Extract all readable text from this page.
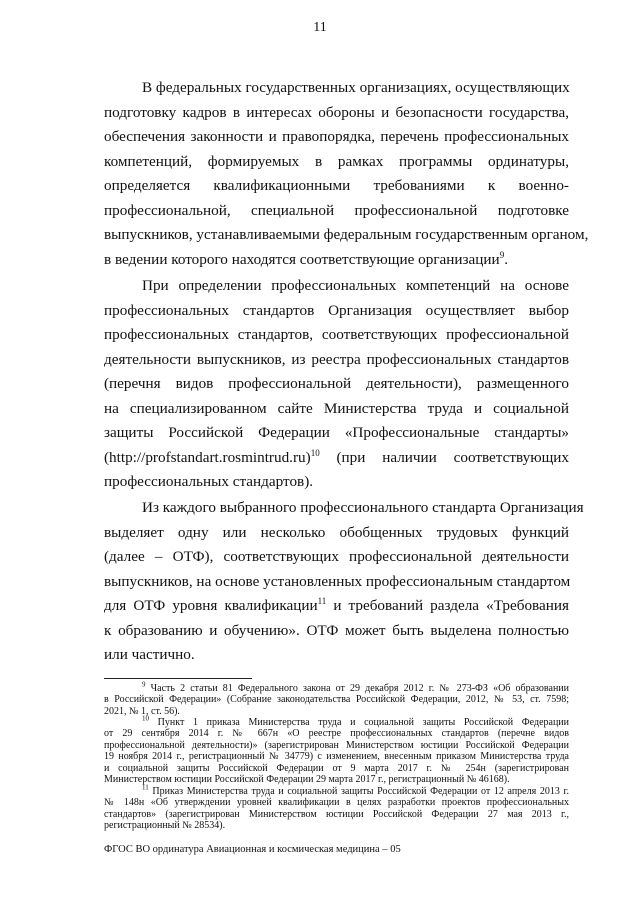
11
В федеральных государственных организациях, осуществляющих
подготовку кадров в интересах обороны и безопасности государства,
обеспечения законности и правопорядка, перечень профессиональных
компетенций, формируемых в рамках программы ординатуры,
определяется квалификационными требованиями к военно-
профессиональной, специальной профессиональной подготовке
выпускников, устанавливаемыми федеральным государственным органом,
в ведении которого находятся соответствующие организации$^9$.
При определении профессиональных компетенций на основе
профессиональных стандартов Организация осуществляет выбор
профессиональных стандартов, соответствующих профессиональной
деятельности выпускников, из реестра профессиональных стандартов
(перечня видов профессиональной деятельности), размещенного
на специализированном сайте Министерства труда и социальной
защиты Российской Федерации «Профессиональные стандарты»
(http://profstandart.rosmintrud.ru)$^{10}$ (при наличии соответствующих
профессиональных стандартов).
Из каждого выбранного профессионального стандарта Организация
выделяет одну или несколько обобщенных трудовых функций
(далее – ОТФ), соответствующих профессиональной деятельности
выпускников, на основе установленных профессиональным стандартом
для ОТФ уровня квалификации$^{11}$ и требований раздела «Требования
к образованию и обучению». ОТФ может быть выделена полностью
или частично.
$^9$ Часть 2 статьи 81 Федерального закона от 29 декабря 2012 г. № 273-ФЗ «Об образовании
в Российской Федерации» (Собрание законодательства Российской Федерации, 2012, № 53, ст. 7598;
2021, № 1, ст. 56).
$^{10}$ Пункт 1 приказа Министерства труда и социальной защиты Российской Федерации
от 29 сентября 2014 г. № 667н «О реестре профессиональных стандартов (перечне видов
профессиональной деятельности)» (зарегистрирован Министерством юстиции Российской Федерации
19 ноября 2014 г., регистрационный № 34779) с изменением, внесенным приказом Министерства труда
и социальной защиты Российской Федерации от 9 марта 2017 г. № 254н (зарегистрирован
Министерством юстиции Российской Федерации 29 марта 2017 г., регистрационный № 46168).
$^{11}$ Приказ Министерства труда и социальной защиты Российской Федерации от 12 апреля 2013 г.
№ 148н «Об утверждении уровней квалификации в целях разработки проектов профессиональных
стандартов» (зарегистрирован Министерством юстиции Российской Федерации 27 мая 2013 г.,
регистрационный № 28534).
ФГОС ВО ординатура Авиационная и космическая медицина – 05
